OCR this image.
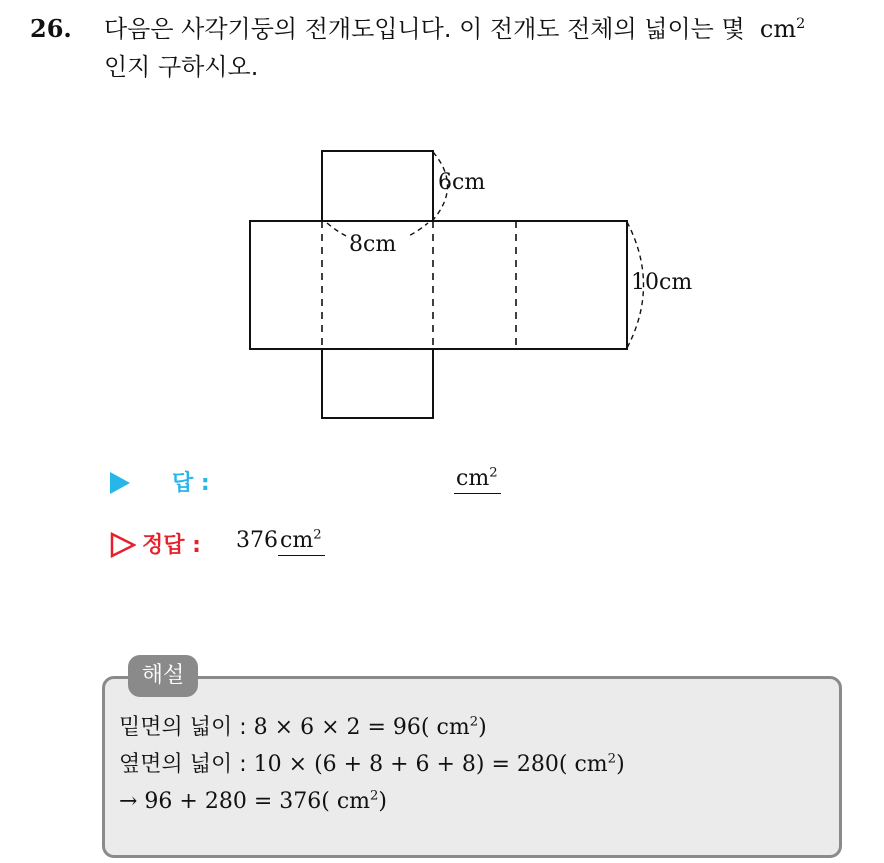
26. 다음은 사각기둥의 전개도입니다. 이 전개도 전체의 넓이는 몇 $cm^2$
인지 구하시오.
8cm
6cm
10cm
답 :	$cm^2$
정답 : $376cm^2$
밑면의 넓이 : 8 × 6 × 2 = 96( $cm^2$)
옆면의 넓이 : 10 × (6 + 8 + 6 + 8) = 280( $cm^2$)
→ 96 + 280 = 376( $cm^2$)
해설
